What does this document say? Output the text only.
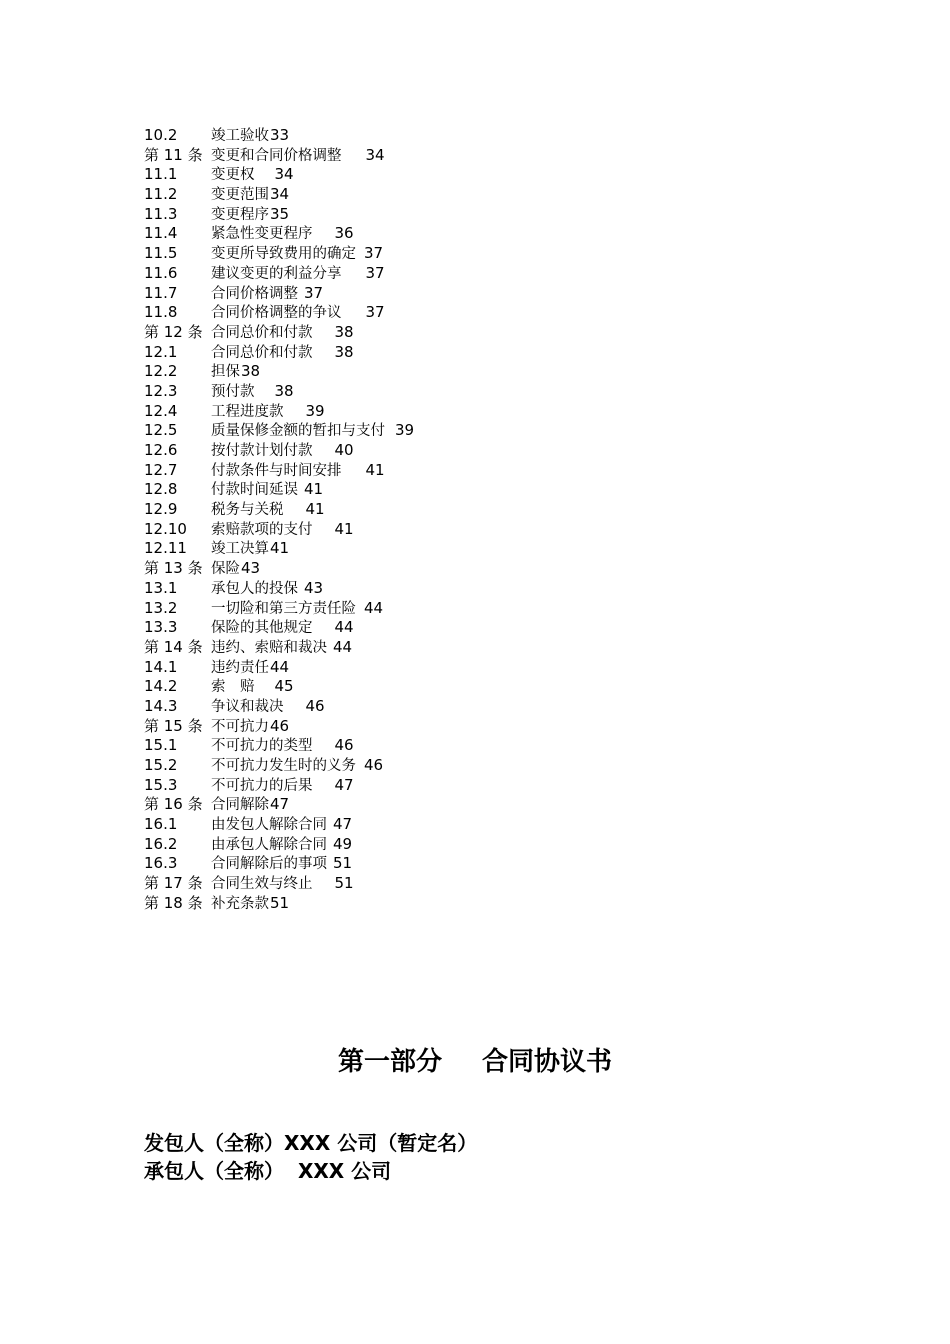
10.2	竣工验收 33
第 11 条 变更和合同价格调整 34
11.1	变更权 34
11.2	变更范围 34
11.3	变更程序 35
11.4	紧急性变更程序 36
11.5	变更所导致费用的确定 37
11.6	建议变更的利益分享 37
11.7	合同价格调整 37
11.8	合同价格调整的争议 37
第 12 条 合同总价和付款 38
12.1	合同总价和付款 38
12.2	担保 38
12.3	预付款 38
12.4	工程进度款 39
12.5	质量保修金额的暂扣与支付 39
12.6	按付款计划付款 40
12.7	付款条件与时间安排 41
12.8	付款时间延误 41
12.9	税务与关税 41
12.10	索赔款项的支付 41
12.11	竣工决算 41
第 13 条 保险 43
13.1	承包人的投保 43
13.2	一切险和第三方责任险 44
13.3	保险的其他规定 44
第 14 条 违约、索赔和裁决 44
14.1	违约责任 44
14.2	索　赔 45
14.3	争议和裁决 46
第 15 条 不可抗力 46
15.1	不可抗力的类型 46
15.2	不可抗力发生时的义务 46
15.3	不可抗力的后果 47
第 16 条 合同解除 47
16.1	由发包人解除合同 47
16.2	由承包人解除合同 49
16.3	合同解除后的事项 51
第 17 条 合同生效与终止 51
第 18 条 补充条款 51
第一部分 合同协议书
发包人（全称）XXX 公司（暂定名）
承包人（全称） XXX 公司
